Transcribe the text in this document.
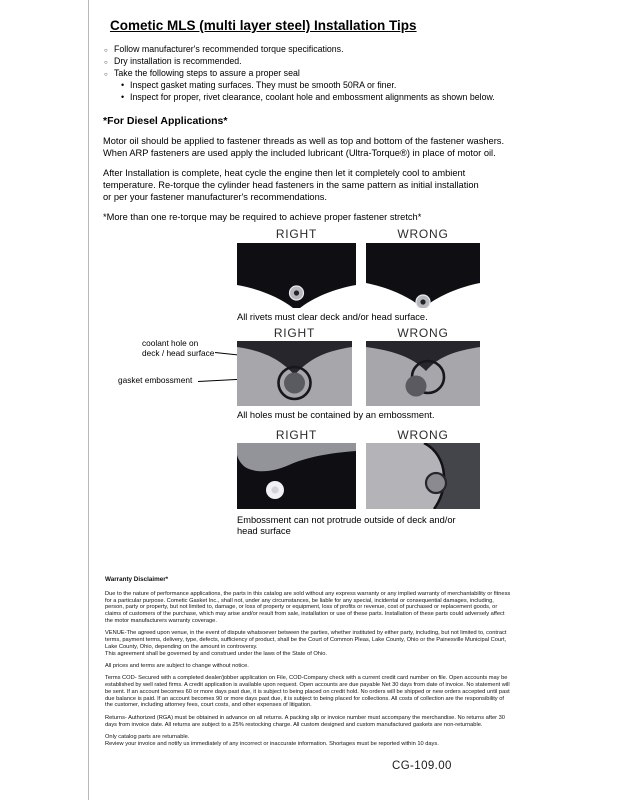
Cometic MLS (multi layer steel) Installation Tips
○ Follow manufacturer's recommended torque specifications.
○ Dry installation is recommended.
○ Take the following steps to assure a proper seal
• Inspect gasket mating surfaces. They must be smooth 50RA or finer.
• Inspect for proper, rivet clearance, coolant hole and embossment alignments as shown below.
*For Diesel Applications*
Motor oil should be applied to fastener threads as well as top and bottom of the fastener washers.
When ARP fasteners are used apply the included lubricant (Ultra-Torque®) in place of motor oil.
After Installation is complete, heat cycle the engine then let it completely cool to ambient
temperature. Re-torque the cylinder head fasteners in the same pattern as initial installation
or per your fastener manufacturer's recommendations.
*More than one re-torque may be required to achieve proper fastener stretch*
RIGHT	WRONG
All rivets must clear deck and/or head surface.
RIGHT	WRONG
coolant hole on
deck / head surface
gasket embossment
All holes must be contained by an embossment.
RIGHT	WRONG
Embossment can not protrude outside of deck and/or head surface
Warranty Disclaimer*
Due to the nature of performance applications, the parts in this catalog are sold without any express warranty or any implied warranty of merchantability or fitness for a particular purpose. Cometic Gasket Inc., shall not, under any circumstances, be liable for any special, incidental or consequential damages, including, person, party or property, but not limited to, damage, or loss of property or equipment, loss of profits or revenue, cost of purchased or replacement goods, or claims of customers of the purchase, which may arise and/or result from sale, installation or use of these parts. Installation of these parts could adversely affect the motor manufacturers warranty coverage.
VENUE-The agreed upon venue, in the event of dispute whatsoever between the parties, whether instituted by either party, including, but not limited to, contract terms, payment terms, delivery, type, defects, sufficiency of product, shall be the Court of Common Pleas, Lake County, Ohio or the Painesville Municipal Court, Lake County, Ohio, depending on the amount in controversy.
This agreement shall be governed by and construed under the laws of the State of Ohio.
All prices and terms are subject to change without notice.
Terms COD- Secured with a completed dealer/jobber application on File, COD-Company check with a current credit card number on file. Open accounts may be established by well rated firms. A credit application is available upon request. Open accounts are due payable Net 30 days from date of invoice. No statement will be sent. If an account becomes 60 or more days past due, it is subject to being placed on credit hold. No orders will be shipped or new orders accepted until past due balance is paid. If an account becomes 90 or more days past due, it is subject to being placed for collections. All costs of collection are the responsibility of the customer, including attorney fees, court costs, and other expenses of litigation.
Returns- Authorized (RGA) must be obtained in advance on all returns. A packing slip or invoice number must accompany the merchandise. No returns after 30 days from invoice date. All returns are subject to a 25% restocking charge. All custom designed and custom manufactured gaskets are non-returnable.
Only catalog parts are returnable.
Review your invoice and notify us immediately of any incorrect or inaccurate information. Shortages must be reported within 10 days.
CG-109.00
